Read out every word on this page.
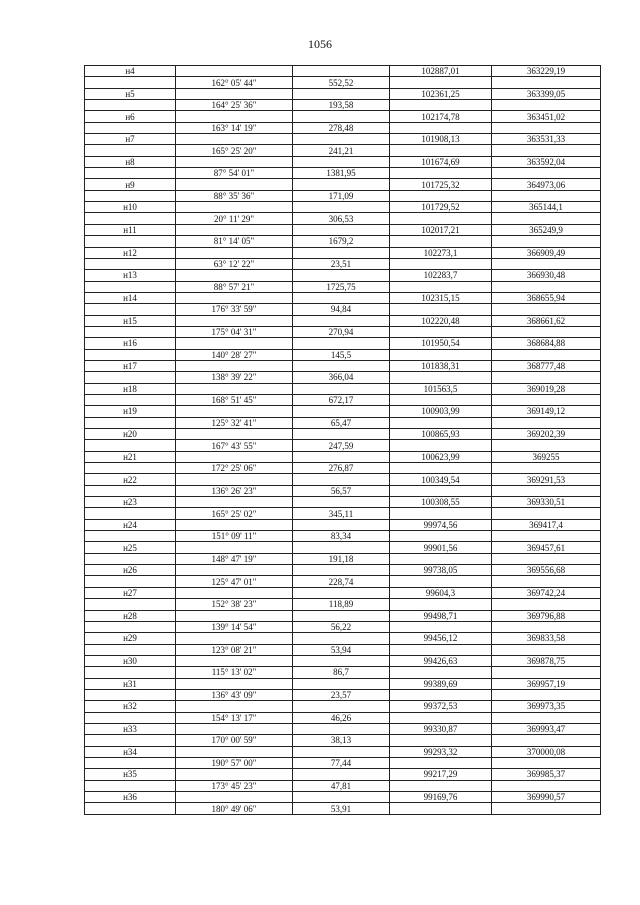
1056
н4			102887,01	363229,19
	162° 05' 44"	552,52		
н5			102361,25	363399,05
	164° 25' 36"	193,58		
н6			102174,78	363451,02
	163° 14' 19"	278,48		
н7			101908,13	363531,33
	165° 25' 20"	241,21		
н8			101674,69	363592,04
	87° 54' 01"	1381,95		
н9			101725,32	364973,06
	88° 35' 36"	171,09		
н10			101729,52	365144,1
	20° 11' 29"	306,53		
н11			102017,21	365249,9
	81° 14' 05"	1679,2		
н12			102273,1	366909,49
	63° 12' 22"	23,51		
н13			102283,7	366930,48
	88° 57' 21"	1725,75		
н14			102315,15	368655,94
	176° 33' 59"	94,84		
н15			102220,48	368661,62
	175° 04' 31"	270,94		
н16			101950,54	368684,88
	140° 28' 27"	145,5		
н17			101838,31	368777,48
	138° 39' 22"	366,04		
н18			101563,5	369019,28
	168° 51' 45"	672,17		
н19			100903,99	369149,12
	125° 32' 41"	65,47		
н20			100865,93	369202,39
	167° 43' 55"	247,59		
н21			100623,99	369255
	172° 25' 06"	276,87		
н22			100349,54	369291,53
	136° 26' 23"	56,57		
н23			100308,55	369330,51
	165° 25' 02"	345,11		
н24			99974,56	369417,4
	151° 09' 11"	83,34		
н25			99901,56	369457,61
	148° 47' 19"	191,18		
н26			99738,05	369556,68
	125° 47' 01"	228,74		
н27			99604,3	369742,24
	152° 38' 23"	118,89		
н28			99498,71	369796,88
	139° 14' 54"	56,22		
н29			99456,12	369833,58
	123° 08' 21"	53,94		
н30			99426,63	369878,75
	115° 13' 02"	86,7		
н31			99389,69	369957,19
	136° 43' 09"	23,57		
н32			99372,53	369973,35
	154° 13' 17"	46,26		
н33			99330,87	369993,47
	170° 00' 59"	38,13		
н34			99293,32	370000,08
	190° 57' 00"	77,44		
н35			99217,29	369985,37
	173° 45' 23"	47,81		
н36			99169,76	369990,57
	180° 49' 06"	53,91		
